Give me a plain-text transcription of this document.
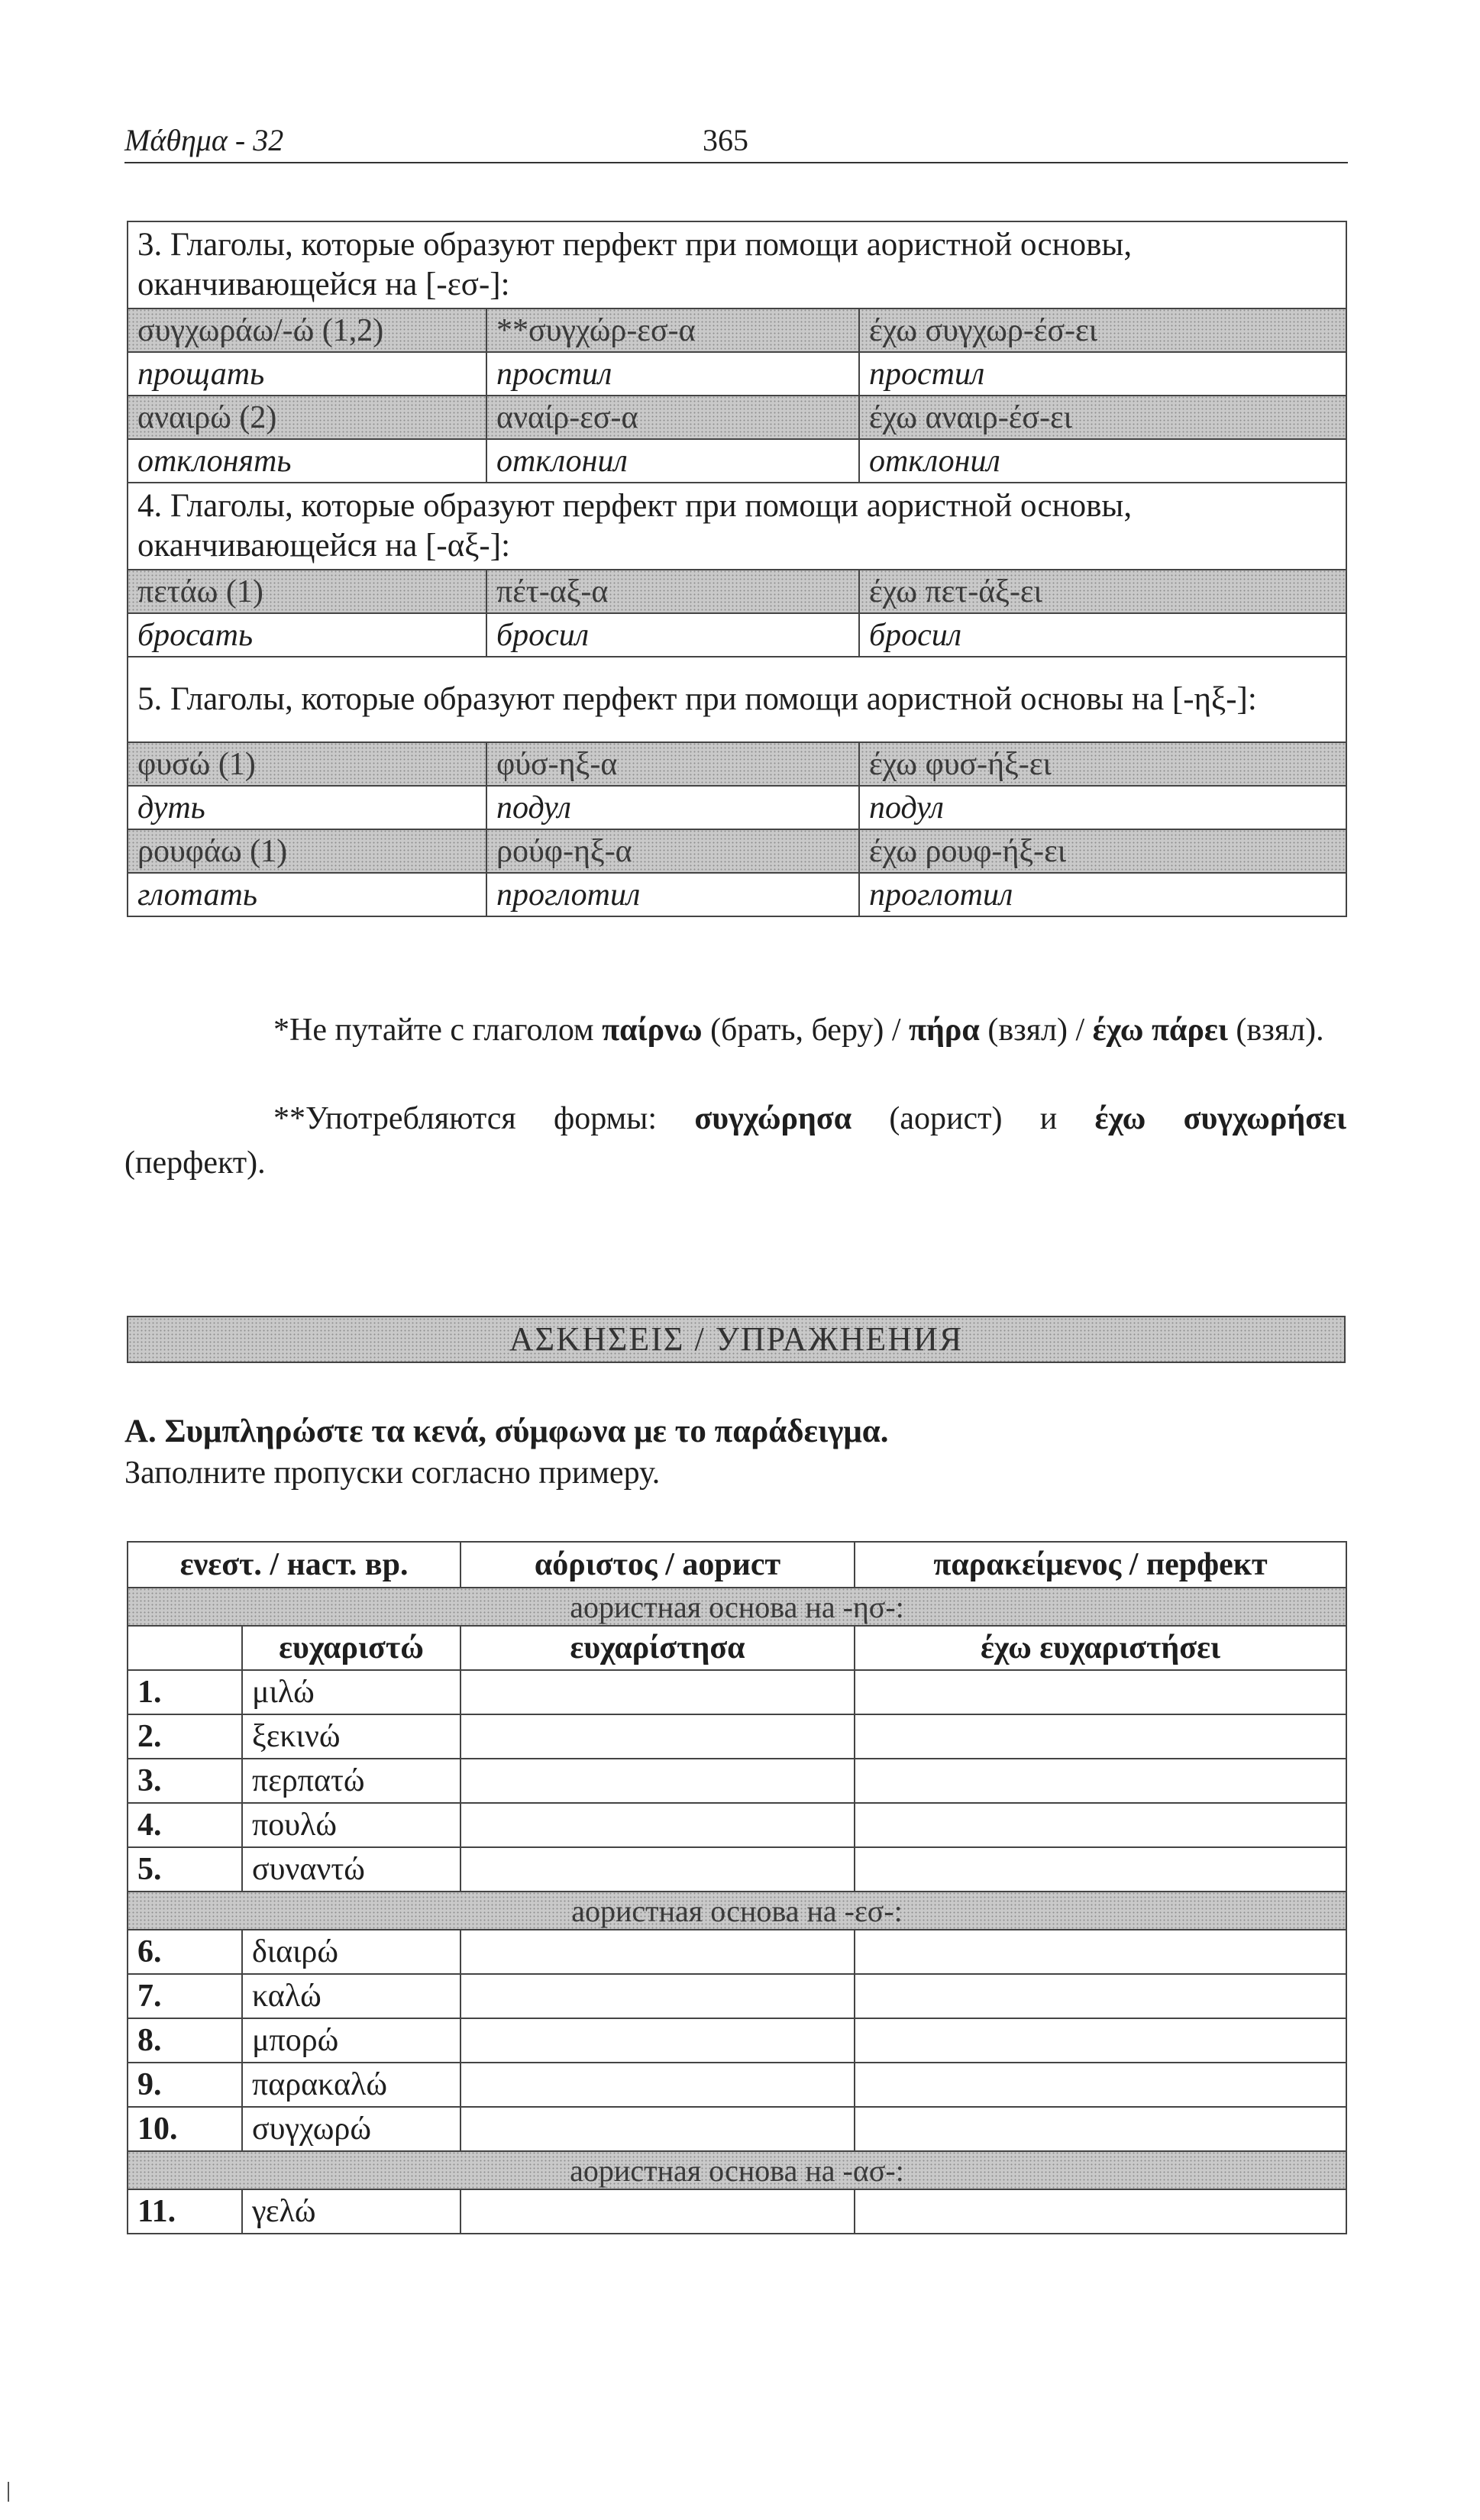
Μάθημα - 32	365
3. Глаголы, которые образуют перфект при помощи аористной основы, оканчивающейся на [-εσ-]:		
συγχωράω/-ώ (1,2)	**συγχώρ-εσ-α	έχω συγχωρ-έσ-ει
прощать	простил	простил
αναιρώ (2)	αναίρ-εσ-α	έχω αναιρ-έσ-ει
отклонять	отклонил	отклонил
4. Глаголы, которые образуют перфект при помощи аористной основы, оканчивающейся на [-αξ-]:		
πετάω (1)	πέτ-αξ-α	έχω πετ-άξ-ει
бросать	бросил	бросил
5. Глаголы, которые образуют перфект при помощи аористной основы на [-ηξ-]:		
φυσώ (1)	φύσ-ηξ-α	έχω φυσ-ήξ-ει
дуть	подул	подул
ρουφάω (1)	ρούφ-ηξ-α	έχω ρουφ-ήξ-ει
глотать	проглотил	проглотил
*Не путайте с глаголом παίρνω (брать, беру) / πήρα (взял) / έχω πάρει (взял).
**Употребляются формы: συγχώρησα (аорист) и έχω συγχωρήσει (перфект).
ΑΣΚΗΣΕΙΣ / УПРАЖНЕНИЯ
Α. Συμπληρώστε τα κενά, σύμφωνα με το παράδειγμα.
Заполните пропуски согласно примеру.
ενεστ. / наст. вр.		αόριστος / аорист	παρακείμενος / перфект
аористная основа на -ησ-:			
	ευχαριστώ	ευχαρίστησα	έχω ευχαριστήσει
1.	μιλώ		
2.	ξεκινώ		
3.	περπατώ		
4.	πουλώ		
5.	συναντώ		
аористная основа на -εσ-:			
6.	διαιρώ		
7.	καλώ		
8.	μπορώ		
9.	παρακαλώ		
10.	συγχωρώ		
аористная основа на -ασ-:			
11.	γελώ		
